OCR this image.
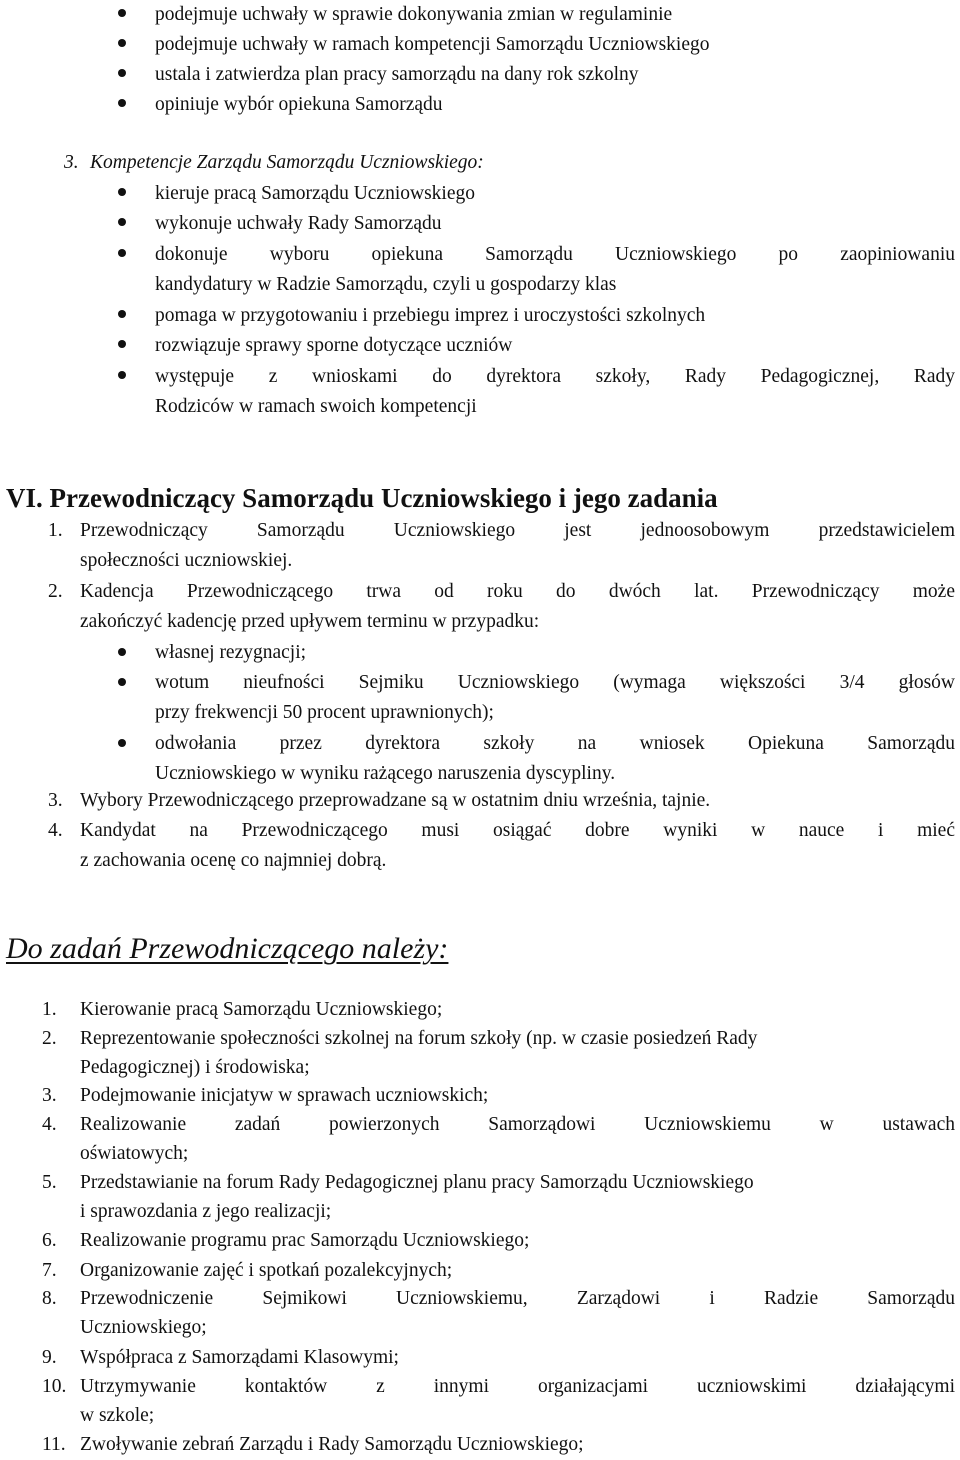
podejmuje uchwały w sprawie dokonywania zmian w regulaminie
podejmuje uchwały w ramach kompetencji Samorządu Uczniowskiego
ustala i zatwierdza plan pracy samorządu na dany rok szkolny
opiniuje wybór opiekuna Samorządu
3. Kompetencje Zarządu Samorządu Uczniowskiego:
kieruje pracą Samorządu Uczniowskiego
wykonuje uchwały Rady Samorządu
dokonuje wyboru opiekuna Samorządu Uczniowskiego po zaopiniowaniu
kandydatury w Radzie Samorządu, czyli u gospodarzy klas
pomaga w przygotowaniu i przebiegu imprez i uroczystości szkolnych
rozwiązuje sprawy sporne dotyczące uczniów
występuje z wnioskami do dyrektora szkoły, Rady Pedagogicznej, Rady
Rodziców w ramach swoich kompetencji
VI. Przewodniczący Samorządu Uczniowskiego i jego zadania
1. Przewodniczący Samorządu Uczniowskiego jest jednoosobowym przedstawicielem
społeczności uczniowskiej.
2. Kadencja Przewodniczącego trwa od roku do dwóch lat. Przewodniczący może
zakończyć kadencję przed upływem terminu w przypadku:
własnej rezygnacji;
wotum nieufności Sejmiku Uczniowskiego (wymaga większości 3/4 głosów
przy frekwencji 50 procent uprawnionych);
odwołania przez dyrektora szkoły na wniosek Opiekuna Samorządu
Uczniowskiego w wyniku rażącego naruszenia dyscypliny.
3. Wybory Przewodniczącego przeprowadzane są w ostatnim dniu września, tajnie.
4. Kandydat na Przewodniczącego musi osiągać dobre wyniki w nauce i mieć
z zachowania ocenę co najmniej dobrą.
Do zadań Przewodniczącego należy:
1. Kierowanie pracą Samorządu Uczniowskiego;
2. Reprezentowanie społeczności szkolnej na forum szkoły (np. w czasie posiedzeń Rady
Pedagogicznej) i środowiska;
3. Podejmowanie inicjatyw w sprawach uczniowskich;
4. Realizowanie zadań powierzonych Samorządowi Uczniowskiemu w ustawach
oświatowych;
5. Przedstawianie na forum Rady Pedagogicznej planu pracy Samorządu Uczniowskiego
i sprawozdania z jego realizacji;
6. Realizowanie programu prac Samorządu Uczniowskiego;
7. Organizowanie zajęć i spotkań pozalekcyjnych;
8. Przewodniczenie Sejmikowi Uczniowskiemu, Zarządowi i Radzie Samorządu
Uczniowskiego;
9. Współpraca z Samorządami Klasowymi;
10. Utrzymywanie kontaktów z innymi organizacjami uczniowskimi działającymi
w szkole;
11. Zwoływanie zebrań Zarządu i Rady Samorządu Uczniowskiego;
